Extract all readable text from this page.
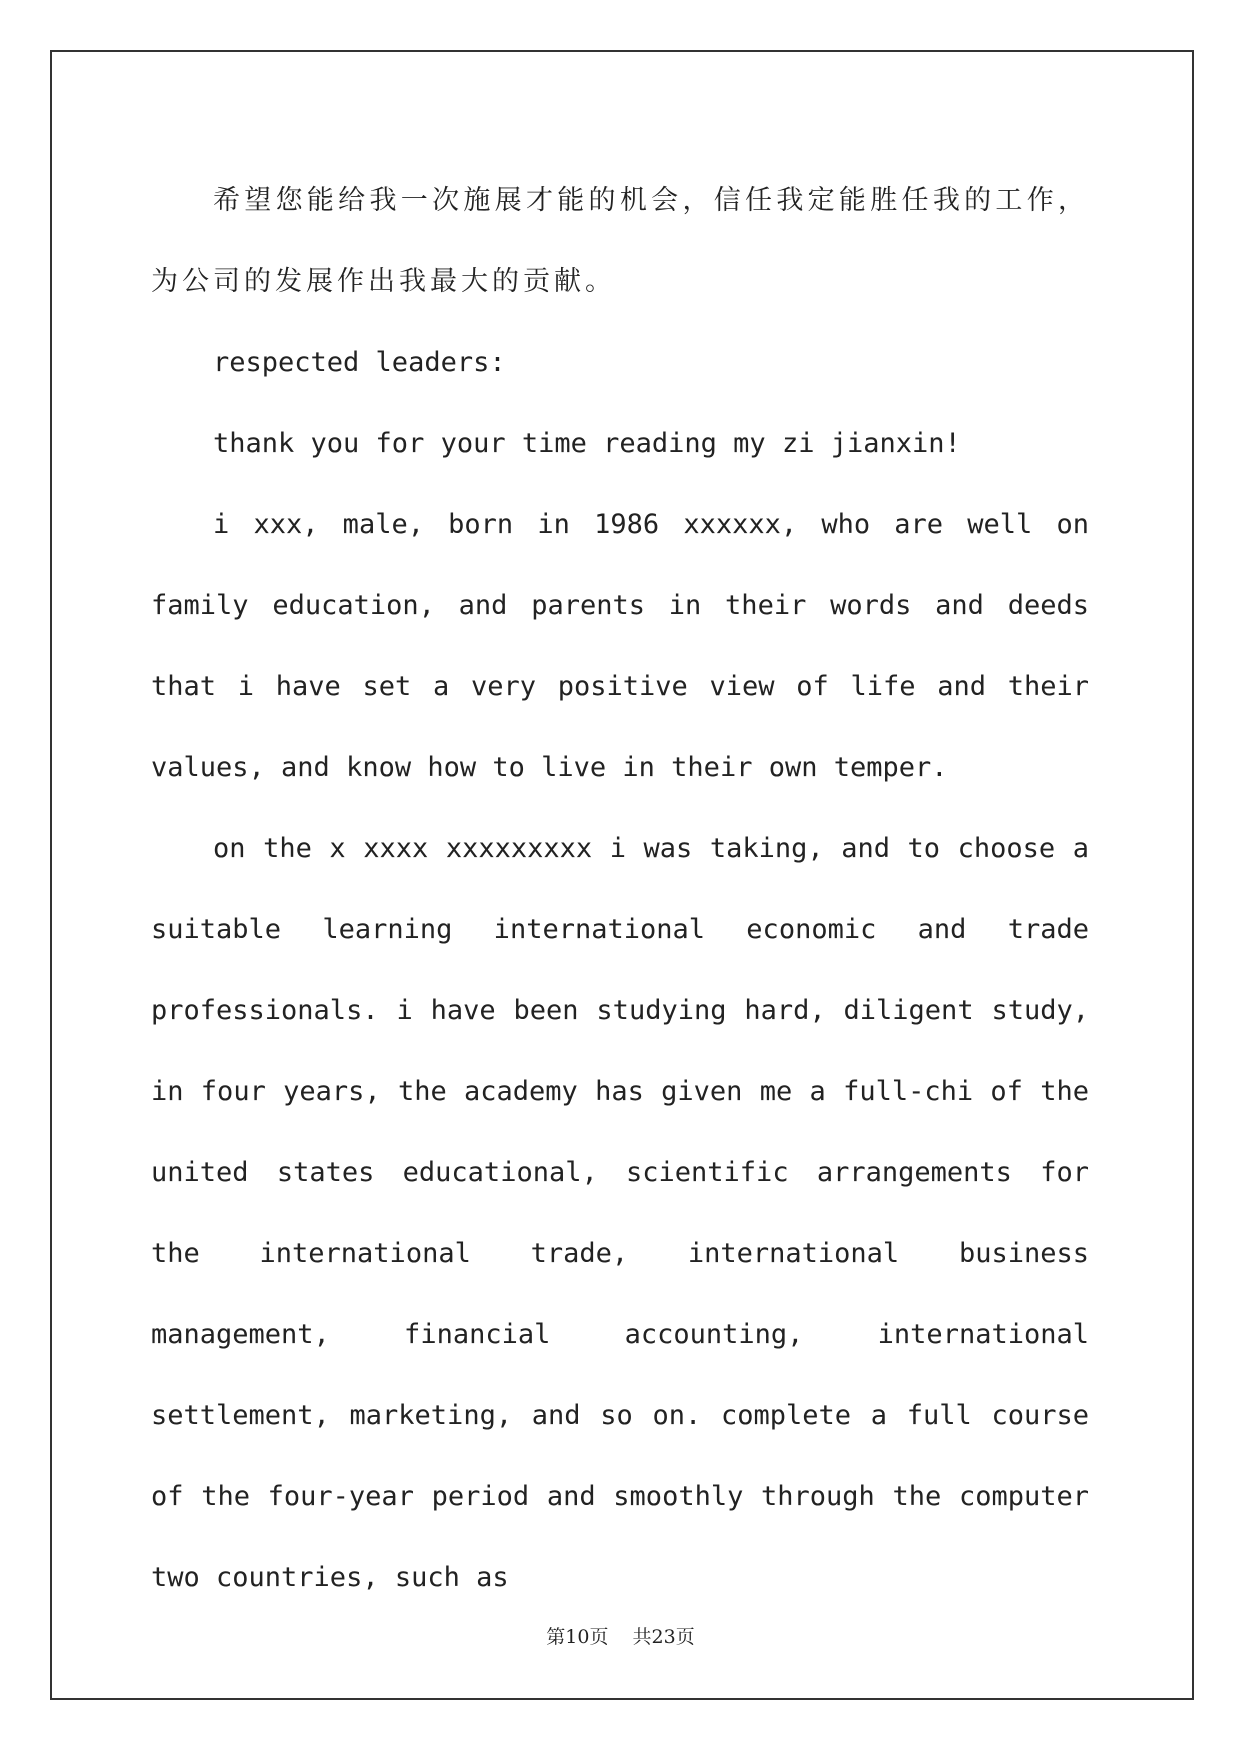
希望您能给我一次施展才能的机会，信任我定能胜任我的工作，为公司的发展作出我最大的贡献。

respected leaders:

thank you for your time reading my zi jianxin!

i xxx, male, born in 1986 xxxxxx, who are well on family education, and parents in their words and deeds that i have set a very positive view of life and their values, and know how to live in their own temper.

on the x xxxx xxxxxxxxx i was taking, and to choose a suitable learning international economic and trade professionals. i have been studying hard, diligent study, in four years, the academy has given me a full-chi of the united states educational, scientific arrangements for the international trade, international business management, financial accounting, international settlement, marketing, and so on. complete a full course of the four-year period and smoothly through the computer two countries, such as

第10页 共23页
